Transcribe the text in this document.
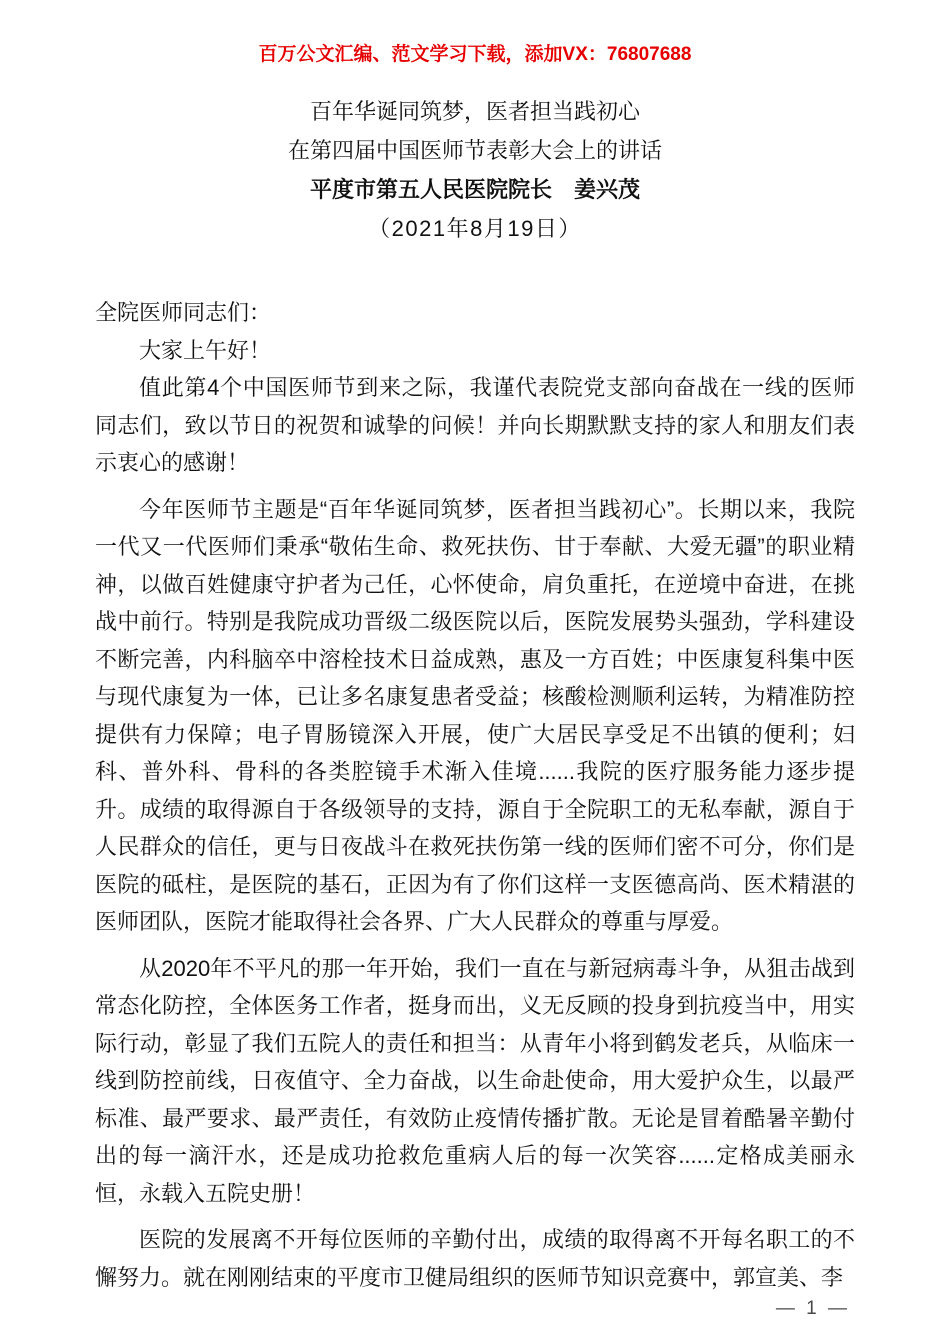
百万公文汇编、范文学习下载，添加VX：76807688
百年华诞同筑梦，医者担当践初心
在第四届中国医师节表彰大会上的讲话
平度市第五人民医院院长　姜兴茂
（2021年8月19日）

全院医师同志们：

大家上午好！

值此第4个中国医师节到来之际，我谨代表院党支部向奋战在一线的医师同志们，致以节日的祝贺和诚挚的问候！并向长期默默支持的家人和朋友们表示衷心的感谢！

今年医师节主题是“百年华诞同筑梦，医者担当践初心”。长期以来，我院一代又一代医师们秉承“敬佑生命、救死扶伤、甘于奉献、大爱无疆”的职业精神，以做百姓健康守护者为己任，心怀使命，肩负重托，在逆境中奋进，在挑战中前行。特别是我院成功晋级二级医院以后，医院发展势头强劲，学科建设不断完善，内科脑卒中溶栓技术日益成熟，惠及一方百姓；中医康复科集中医与现代康复为一体，已让多名康复患者受益；核酸检测顺利运转，为精准防控提供有力保障；电子胃肠镜深入开展，使广大居民享受足不出镇的便利；妇科、普外科、骨科的各类腔镜手术渐入佳境......我院的医疗服务能力逐步提升。成绩的取得源自于各级领导的支持，源自于全院职工的无私奉献，源自于人民群众的信任，更与日夜战斗在救死扶伤第一线的医师们密不可分，你们是医院的砥柱，是医院的基石，正因为有了你们这样一支医德高尚、医术精湛的医师团队，医院才能取得社会各界、广大人民群众的尊重与厚爱。

从2020年不平凡的那一年开始，我们一直在与新冠病毒斗争，从狙击战到常态化防控，全体医务工作者，挺身而出，义无反顾的投身到抗疫当中，用实际行动，彰显了我们五院人的责任和担当：从青年小将到鹤发老兵，从临床一线到防控前线，日夜值守、全力奋战，以生命赴使命，用大爱护众生，以最严标准、最严要求、最严责任，有效防止疫情传播扩散。无论是冒着酷暑辛勤付出的每一滴汗水，还是成功抢救危重病人后的每一次笑容......定格成美丽永恒，永载入五院史册！

医院的发展离不开每位医师的辛勤付出，成绩的取得离不开每名职工的不懈努力。就在刚刚结束的平度市卫健局组织的医师节知识竞赛中，郭宣美、李

— 1 —
